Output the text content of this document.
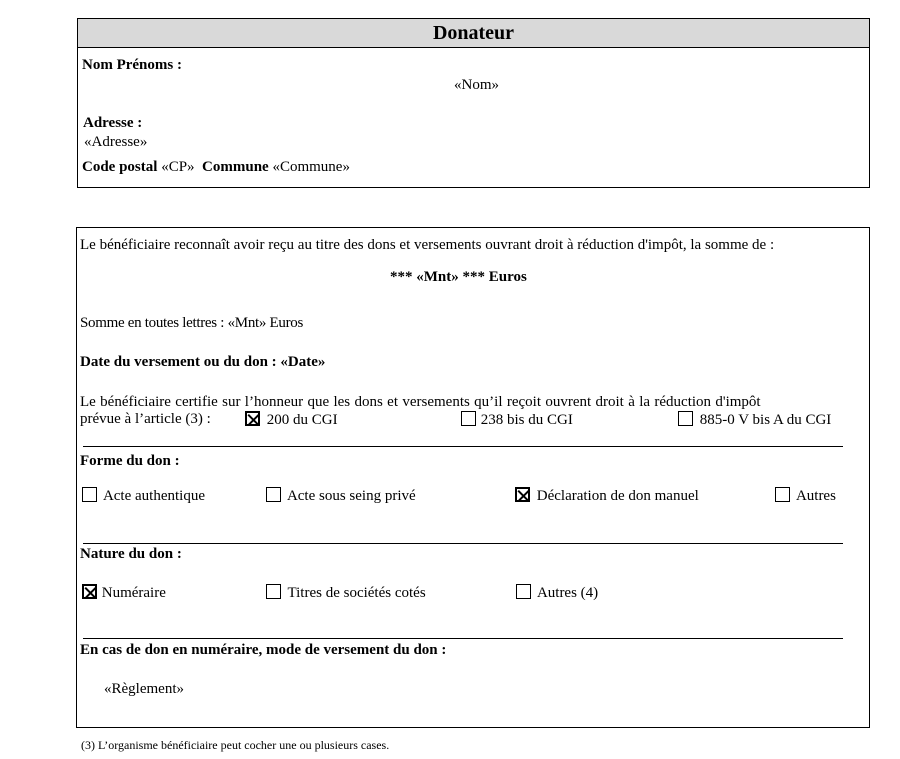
Donateur
Nom Prénoms :
«Nom»
Adresse :
«Adresse»
Code postal «CP» Commune «Commune»
Le bénéficiaire reconnaît avoir reçu au titre des dons et versements ouvrant droit à réduction d'impôt, la somme de :
*** «Mnt» *** Euros
Somme en toutes lettres : «Mnt» Euros
Date du versement ou du don : «Date»
Le bénéficiaire certifie sur l’honneur que les dons et versements qu’il reçoit ouvrent droit à la réduction d'impôt
prévue à l’article (3) :	200 du CGI	238 bis du CGI	885-0 V bis A du CGI
Forme du don :
Acte authentique	Acte sous seing privé	Déclaration de don manuel	Autres
Nature du don :
Numéraire	Titres de sociétés cotés	Autres (4)
En cas de don en numéraire, mode de versement du don :
«Règlement»
(3) L’organisme bénéficiaire peut cocher une ou plusieurs cases.
